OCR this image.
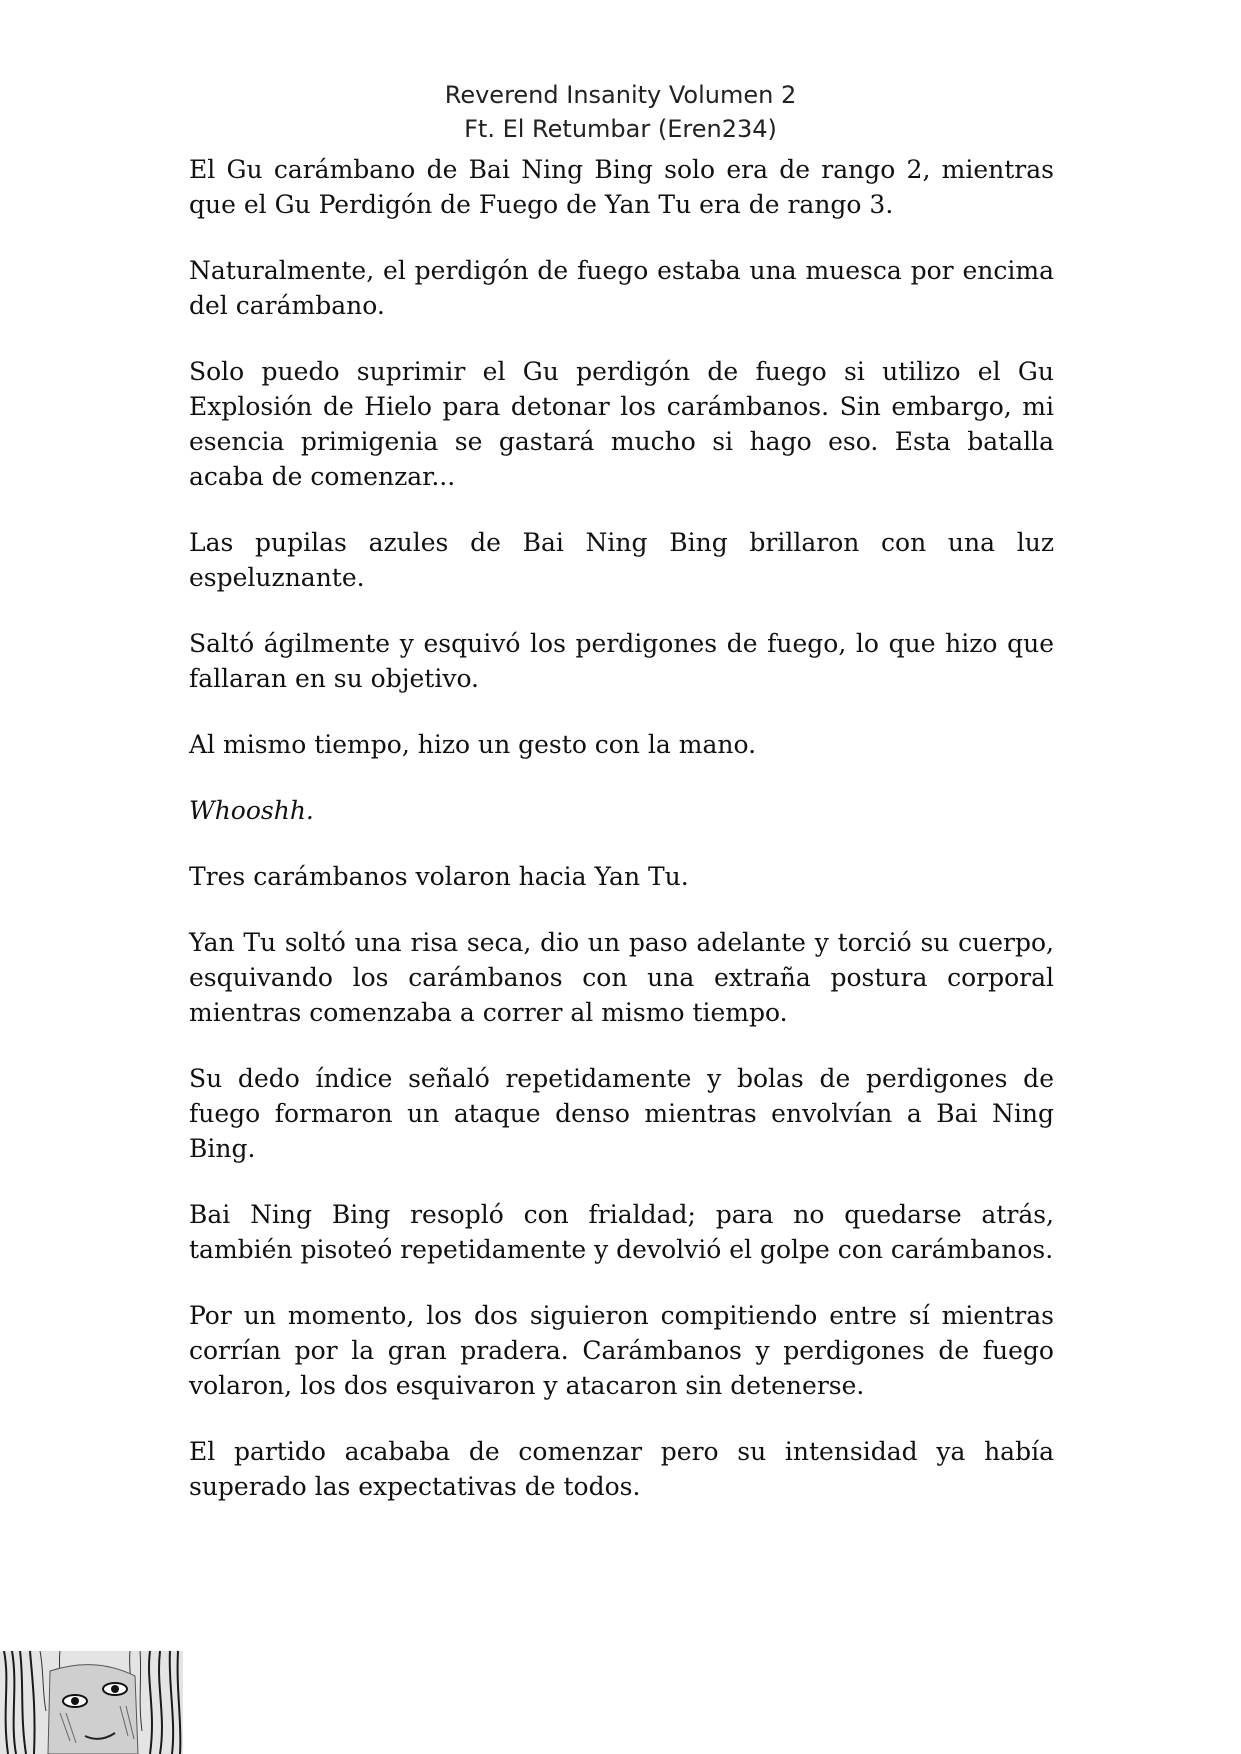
Reverend Insanity Volumen 2
Ft. El Retumbar (Eren234)

El Gu carámbano de Bai Ning Bing solo era de rango 2, mientras que el Gu Perdigón de Fuego de Yan Tu era de rango 3.

Naturalmente, el perdigón de fuego estaba una muesca por encima del carámbano.

Solo puedo suprimir el Gu perdigón de fuego si utilizo el Gu Explosión de Hielo para detonar los carámbanos. Sin embargo, mi esencia primigenia se gastará mucho si hago eso. Esta batalla acaba de comenzar...

Las pupilas azules de Bai Ning Bing brillaron con una luz espeluznante.

Saltó ágilmente y esquivó los perdigones de fuego, lo que hizo que fallaran en su objetivo.

Al mismo tiempo, hizo un gesto con la mano.

Whooshh.

Tres carámbanos volaron hacia Yan Tu.

Yan Tu soltó una risa seca, dio un paso adelante y torció su cuerpo, esquivando los carámbanos con una extraña postura corporal mientras comenzaba a correr al mismo tiempo.

Su dedo índice señaló repetidamente y bolas de perdigones de fuego formaron un ataque denso mientras envolvían a Bai Ning Bing.

Bai Ning Bing resopló con frialdad; para no quedarse atrás, también pisoteó repetidamente y devolvió el golpe con carámbanos.

Por un momento, los dos siguieron compitiendo entre sí mientras corrían por la gran pradera. Carámbanos y perdigones de fuego volaron, los dos esquivaron y atacaron sin detenerse.

El partido acababa de comenzar pero su intensidad ya había superado las expectativas de todos.
